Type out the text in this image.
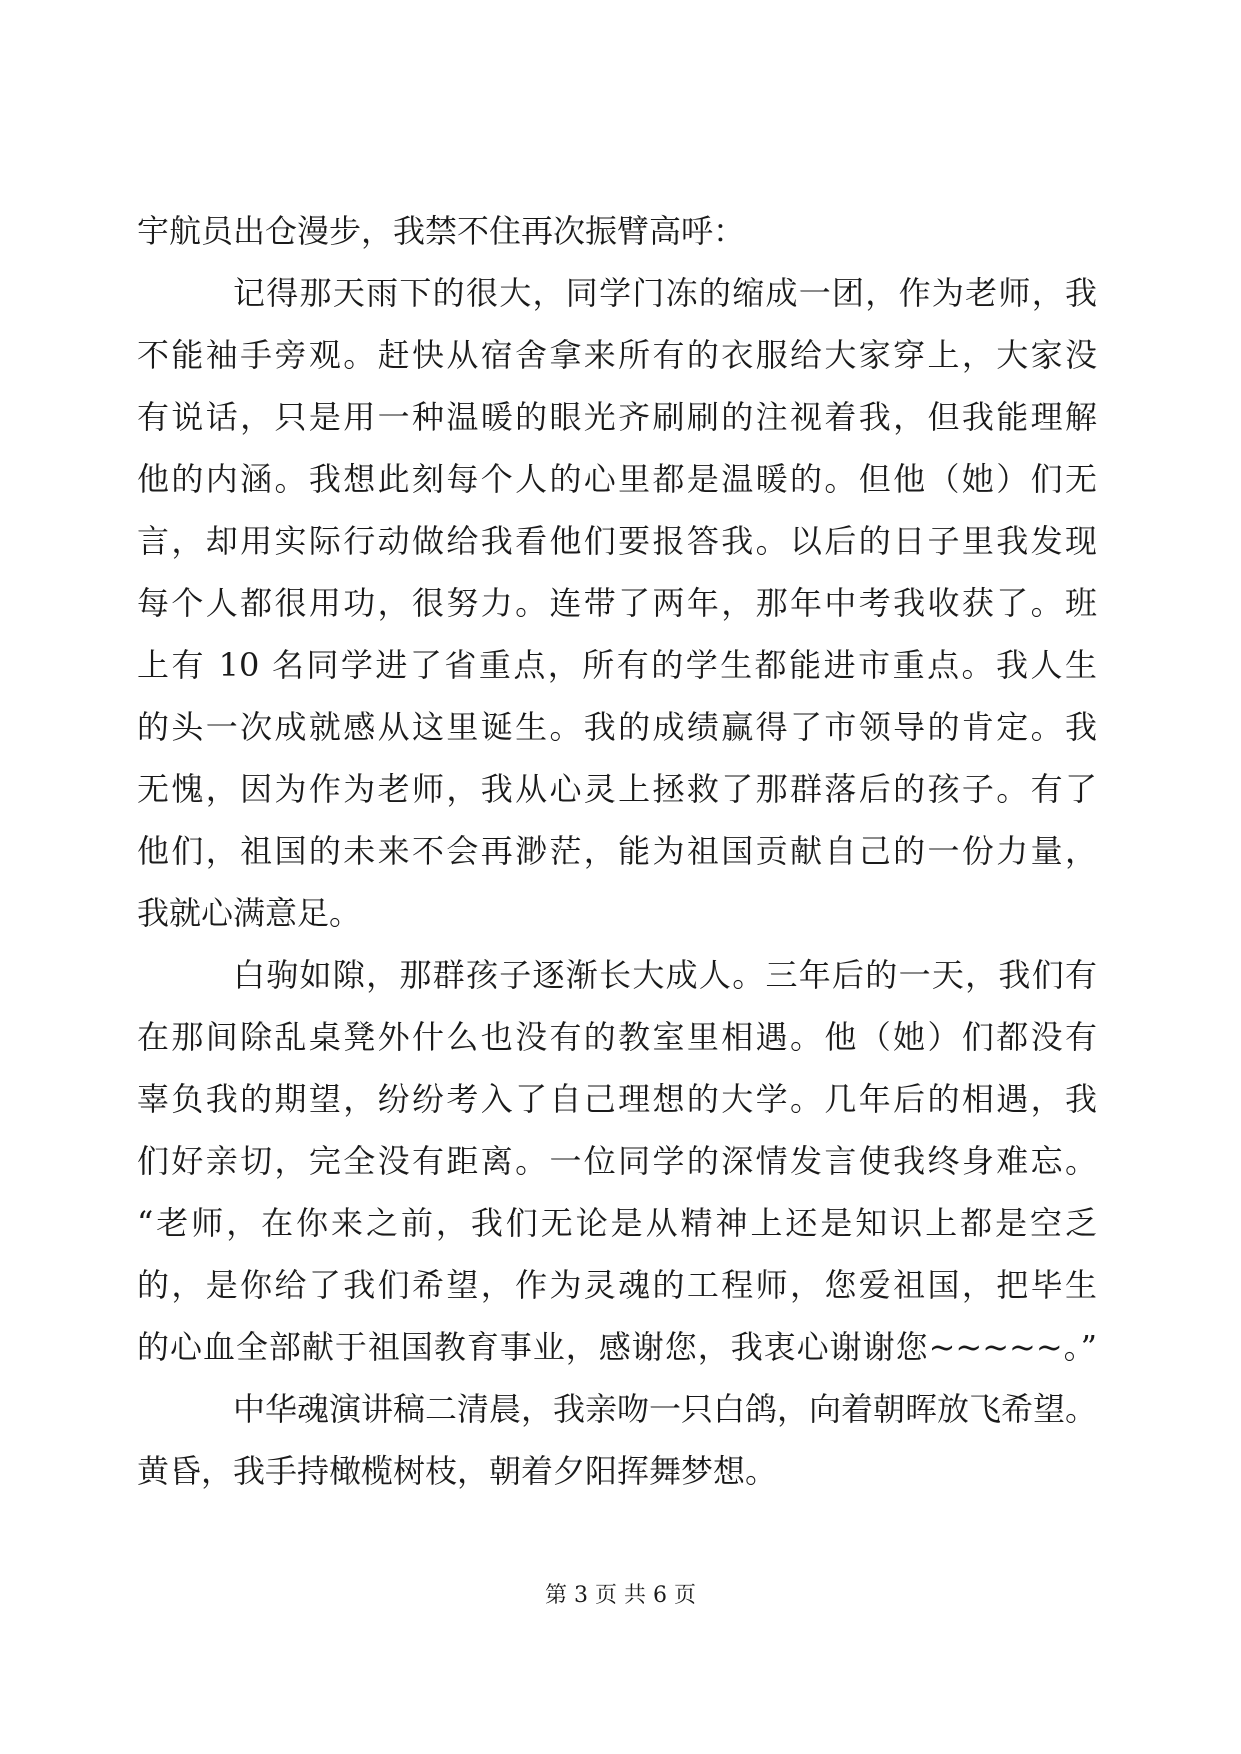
宇航员出仓漫步，我禁不住再次振臂高呼：
记得那天雨下的很大，同学门冻的缩成一团，作为老师，我
不能袖手旁观。赶快从宿舍拿来所有的衣服给大家穿上，大家没
有说话，只是用一种温暖的眼光齐刷刷的注视着我，但我能理解
他的内涵。我想此刻每个人的心里都是温暖的。但他（她）们无
言，却用实际行动做给我看他们要报答我。以后的日子里我发现
每个人都很用功，很努力。连带了两年，那年中考我收获了。班
上有 10 名同学进了省重点，所有的学生都能进市重点。我人生
的头一次成就感从这里诞生。我的成绩赢得了市领导的肯定。我
无愧，因为作为老师，我从心灵上拯救了那群落后的孩子。有了
他们，祖国的未来不会再渺茫，能为祖国贡献自己的一份力量，
我就心满意足。
白驹如隙，那群孩子逐渐长大成人。三年后的一天，我们有
在那间除乱桌凳外什么也没有的教室里相遇。他（她）们都没有
辜负我的期望，纷纷考入了自己理想的大学。几年后的相遇，我
们好亲切，完全没有距离。一位同学的深情发言使我终身难忘。
“老师，在你来之前，我们无论是从精神上还是知识上都是空乏
的，是你给了我们希望，作为灵魂的工程师，您爱祖国，把毕生
的心血全部献于祖国教育事业，感谢您，我衷心谢谢您~~~~~。”
中华魂演讲稿二清晨，我亲吻一只白鸽，向着朝晖放飞希望。
黄昏，我手持橄榄树枝，朝着夕阳挥舞梦想。
第 3 页 共 6 页
